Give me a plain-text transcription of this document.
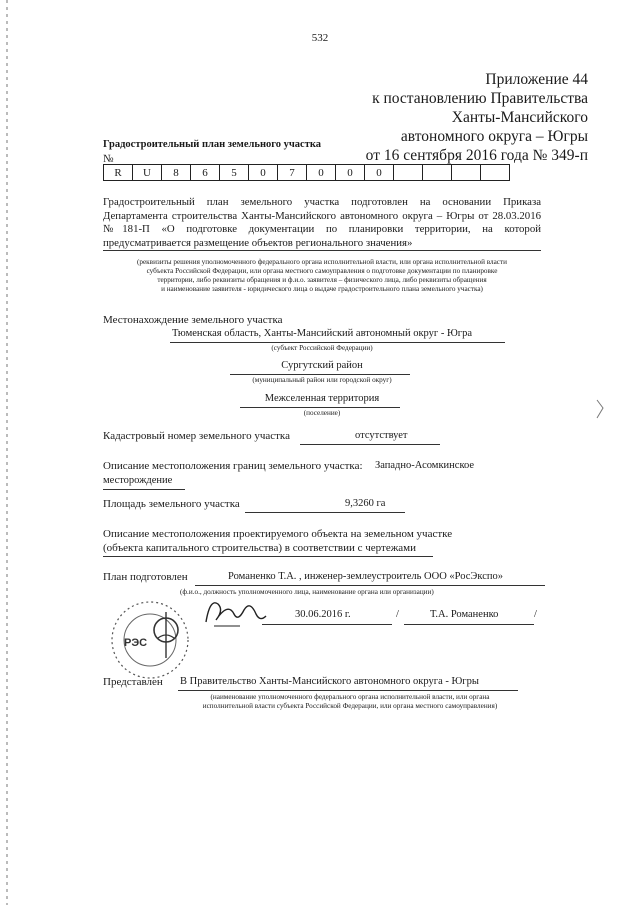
532
Приложение 44
к постановлению Правительства
Ханты-Мансийского
автономного округа – Югры
от 16 сентября 2016 года № 349-п
Градостроительный план земельного участка
№
R	U	8	6	5	0	7	0	0	0				
Градостроительный план земельного участка подготовлен на основании Приказа Департамента строительства Ханты-Мансийского автономного округа – Югры от 28.03.2016 №181-П «О подготовке документации по планировки территории, на которой предусматривается размещение объектов регионального значения»
(реквизиты решения уполномоченного федерального органа исполнительной власти, или органа исполнительной власти
субъекта Российской Федерации, или органа местного самоуправления о подготовке документации по планировке
территории, либо реквизиты обращения и ф.и.о. заявителя – физического лица, либо реквизиты обращения
и наименование заявителя - юридического лица о выдаче градостроительного плана земельного участка)
Местонахождение земельного участка
Тюменская область, Ханты-Мансийский автономный округ - Югра
(субъект Российской Федерации)
Сургутский район
(муниципальный район или городской округ)
Межселенная территория
(поселение)
Кадастровый номер земельного участка	отсутствует
Описание местоположения границ земельного участка: Западно-Асомкинское
месторождение
Площадь земельного участка	9,3260 га
Описание местоположения проектируемого объекта на земельном участке
(объекта капитального строительства) в соответствии с чертежами
План подготовлен	Романенко Т.А. , инженер-землеустроитель ООО «РосЭкспо»
(ф.и.о., должность уполномоченного лица, наименование органа или организации)
РЭС
30.06.2016 г.	/	Т.А. Романенко	/
Представлен В Правительство Ханты-Мансийского автономного округа - Югры
(наименование уполномоченного федерального органа исполнительной власти, или органа
исполнительной власти субъекта Российской Федерации, или органа местного самоуправления)
